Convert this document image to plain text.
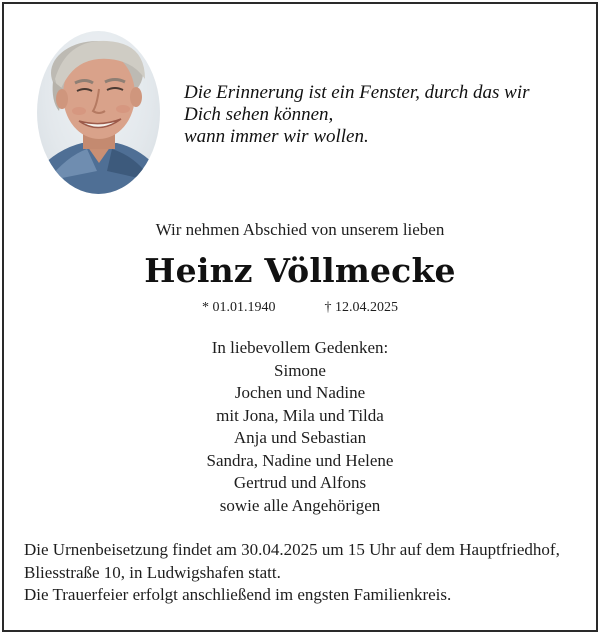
Die Erinnerung ist ein Fenster, durch das wir
Dich sehen können,
wann immer wir wollen.
Wir nehmen Abschied von unserem lieben
Heinz Völlmecke
* 01.01.1940	† 12.04.2025
In liebevollem Gedenken:
Simone
Jochen und Nadine
mit Jona, Mila und Tilda
Anja und Sebastian
Sandra, Nadine und Helene
Gertrud und Alfons
sowie alle Angehörigen
Die Urnenbeisetzung findet am 30.04.2025 um 15 Uhr auf dem Hauptfriedhof,
Bliesstraße 10, in Ludwigshafen statt.
Die Trauerfeier erfolgt anschließend im engsten Familienkreis.
